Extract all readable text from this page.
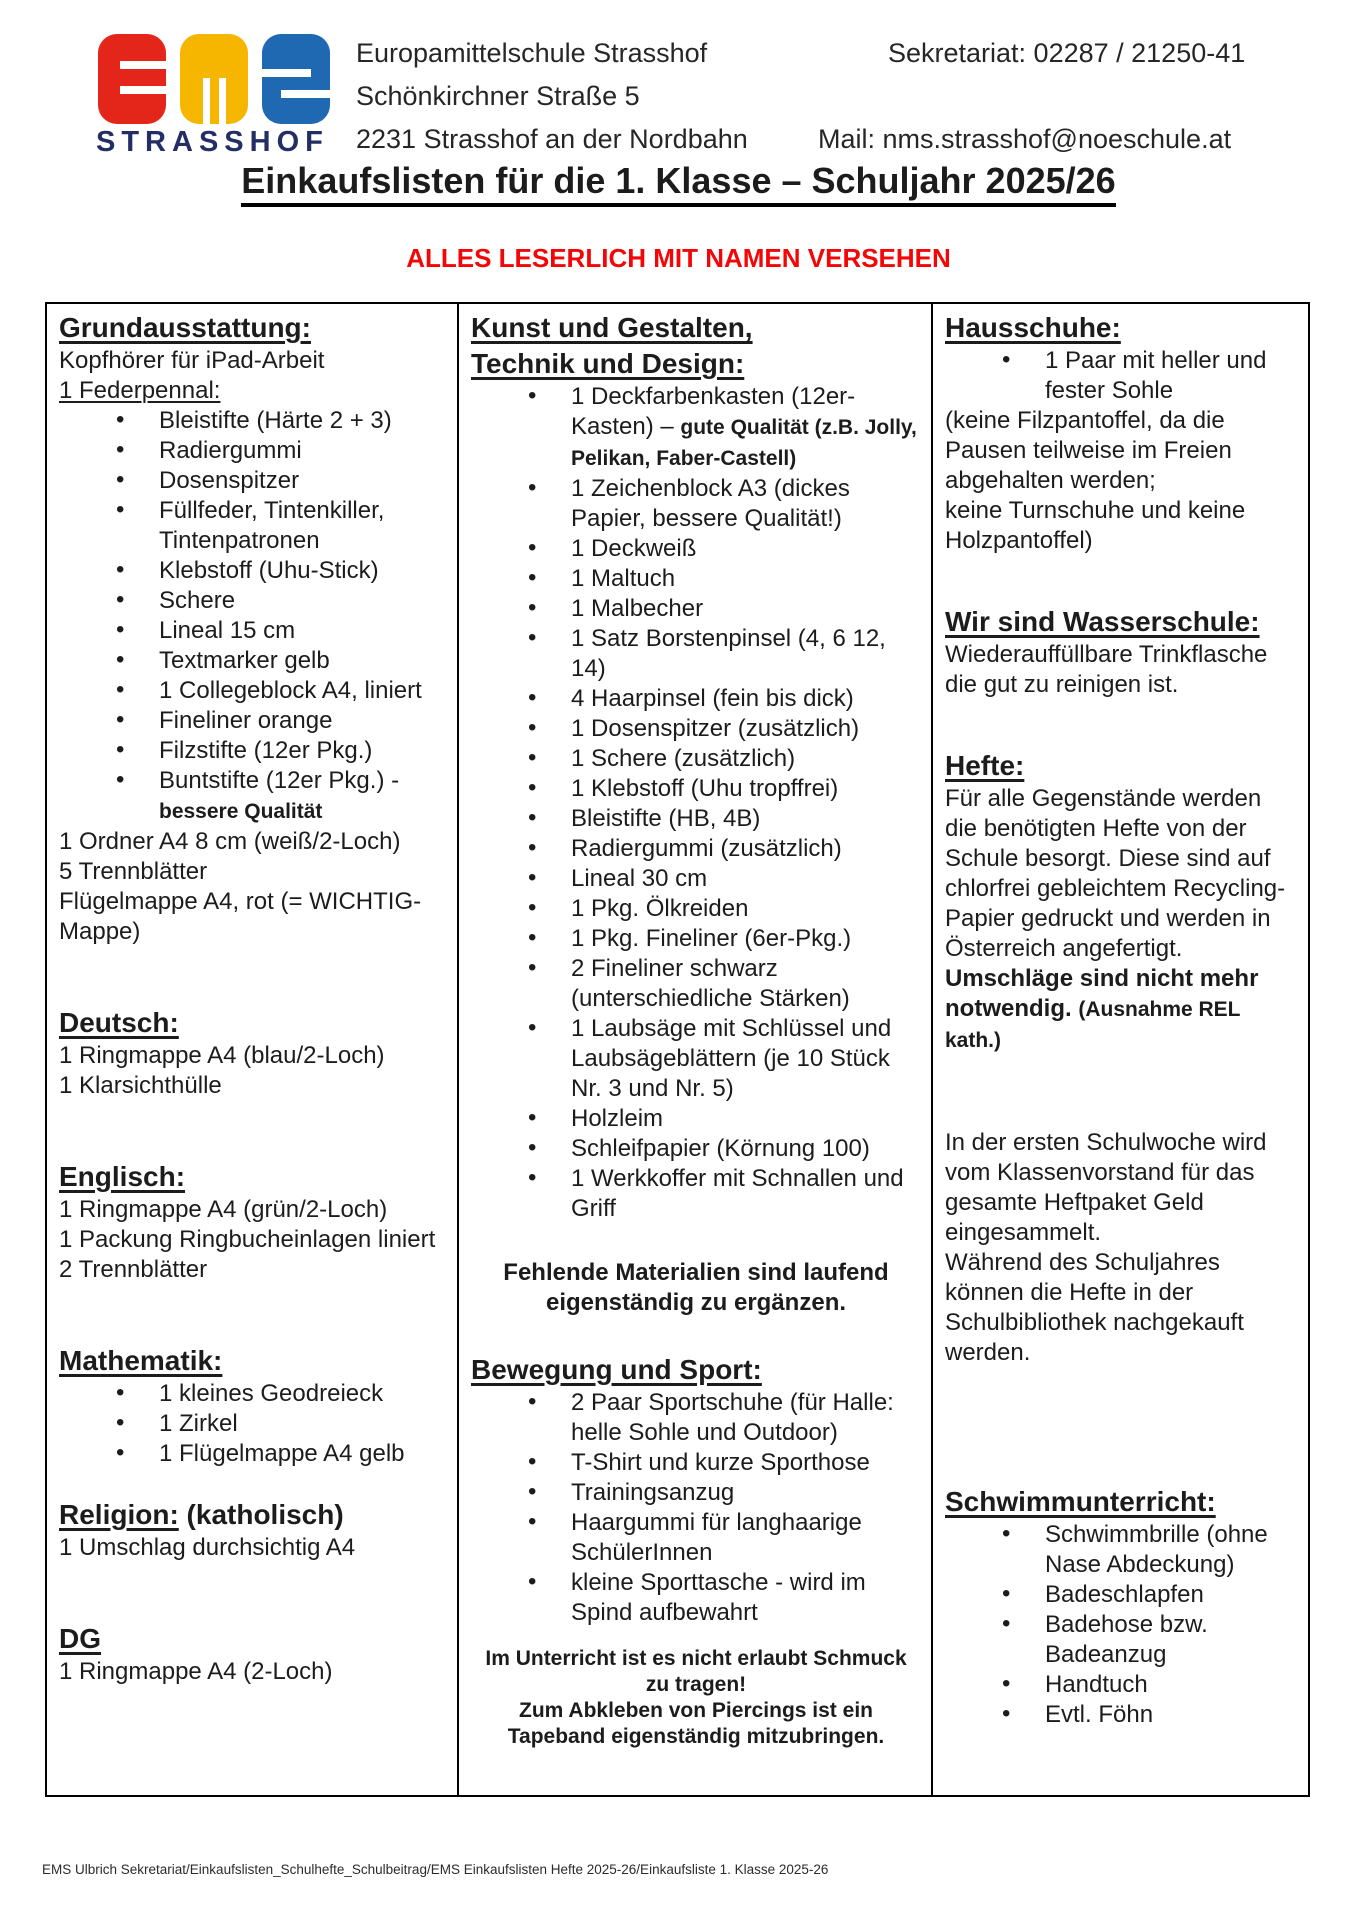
STRASSHOF
Europamittelschule Strasshof
Schönkirchner Straße 5
2231 Strasshof an der Nordbahn
Sekretariat: 02287 / 21250-41
Mail: nms.strasshof@noeschule.at
Einkaufslisten für die 1. Klasse – Schuljahr 2025/26
ALLES LESERLICH MIT NAMEN VERSEHEN
Grundausstattung:
Kopfhörer für iPad-Arbeit
1 Federpennal:
• Bleistifte (Härte 2 + 3)
• Radiergummi
• Dosenspitzer
• Füllfeder, Tintenkiller, Tintenpatronen
• Klebstoff (Uhu-Stick)
• Schere
• Lineal 15 cm
• Textmarker gelb
• 1 Collegeblock A4, liniert
• Fineliner orange
• Filzstifte (12er Pkg.)
• Buntstifte (12er Pkg.) - bessere Qualität
1 Ordner A4 8 cm (weiß/2-Loch)
5 Trennblätter
Flügelmappe A4, rot (= WICHTIG-Mappe)
Deutsch:
1 Ringmappe A4 (blau/2-Loch)
1 Klarsichthülle
Englisch:
1 Ringmappe A4 (grün/2-Loch)
1 Packung Ringbucheinlagen liniert
2 Trennblätter
Mathematik:
• 1 kleines Geodreieck
• 1 Zirkel
• 1 Flügelmappe A4 gelb
Religion: (katholisch)
1 Umschlag durchsichtig A4
DG
1 Ringmappe A4 (2-Loch)
Kunst und Gestalten,
Technik und Design:
• 1 Deckfarbenkasten (12er-Kasten) – gute Qualität (z.B. Jolly, Pelikan, Faber-Castell)
• 1 Zeichenblock A3 (dickes Papier, bessere Qualität!)
• 1 Deckweiß
• 1 Maltuch
• 1 Malbecher
• 1 Satz Borstenpinsel (4, 6 12, 14)
• 4 Haarpinsel (fein bis dick)
• 1 Dosenspitzer (zusätzlich)
• 1 Schere (zusätzlich)
• 1 Klebstoff (Uhu tropffrei)
• Bleistifte (HB, 4B)
• Radiergummi (zusätzlich)
• Lineal 30 cm
• 1 Pkg. Ölkreiden
• 1 Pkg. Fineliner (6er-Pkg.)
• 2 Fineliner schwarz (unterschiedliche Stärken)
• 1 Laubsäge mit Schlüssel und Laubsägeblättern (je 10 Stück Nr. 3 und Nr. 5)
• Holzleim
• Schleifpapier (Körnung 100)
• 1 Werkkoffer mit Schnallen und Griff
Fehlende Materialien sind laufend eigenständig zu ergänzen.
Bewegung und Sport:
• 2 Paar Sportschuhe (für Halle: helle Sohle und Outdoor)
• T-Shirt und kurze Sporthose
• Trainingsanzug
• Haargummi für langhaarige SchülerInnen
• kleine Sporttasche - wird im Spind aufbewahrt
Im Unterricht ist es nicht erlaubt Schmuck zu tragen!
Zum Abkleben von Piercings ist ein Tapeband eigenständig mitzubringen.
Hausschuhe:
• 1 Paar mit heller und fester Sohle
(keine Filzpantoffel, da die Pausen teilweise im Freien abgehalten werden;
keine Turnschuhe und keine Holzpantoffel)
Wir sind Wasserschule:
Wiederauffüllbare Trinkflasche die gut zu reinigen ist.
Hefte:
Für alle Gegenstände werden die benötigten Hefte von der Schule besorgt. Diese sind auf chlorfrei gebleichtem Recycling-Papier gedruckt und werden in Österreich angefertigt.
Umschläge sind nicht mehr notwendig. (Ausnahme REL kath.)
In der ersten Schulwoche wird vom Klassenvorstand für das gesamte Heftpaket Geld eingesammelt.
Während des Schuljahres können die Hefte in der Schulbibliothek nachgekauft werden.
Schwimmunterricht:
• Schwimmbrille (ohne Nase Abdeckung)
• Badeschlapfen
• Badehose bzw. Badeanzug
• Handtuch
• Evtl. Föhn
EMS Ulbrich Sekretariat/Einkaufslisten_Schulhefte_Schulbeitrag/EMS Einkaufslisten Hefte 2025-26/Einkaufsliste 1. Klasse 2025-26
